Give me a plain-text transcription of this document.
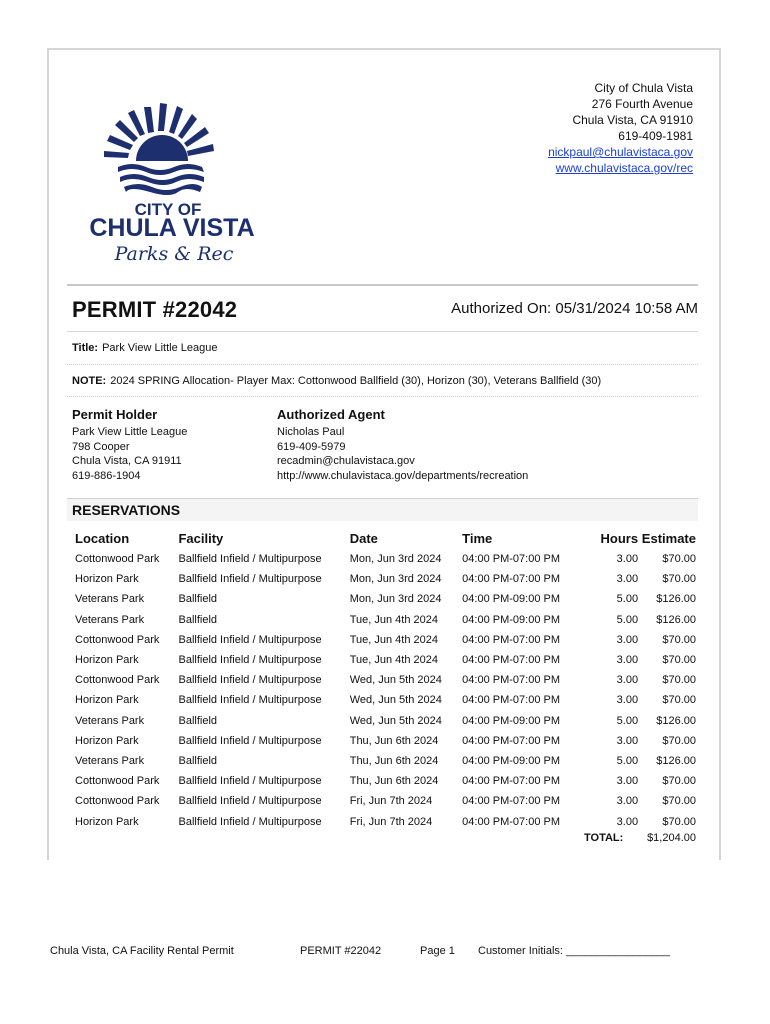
CITY OF
CHULA VISTA
Parks & Rec
City of Chula Vista
276 Fourth Avenue
Chula Vista, CA 91910
619-409-1981
nickpaul@chulavistaca.gov
www.chulavistaca.gov/rec
PERMIT #22042	Authorized On: 05/31/2024 10:58 AM
Title: Park View Little League
NOTE: 2024 SPRING Allocation- Player Max: Cottonwood Ballfield (30), Horizon (30), Veterans Ballfield (30)
Permit Holder
Park View Little League
798 Cooper
Chula Vista, CA 91911
619-886-1904
Authorized Agent
Nicholas Paul
619-409-5979
recadmin@chulavistaca.gov
http://www.chulavistaca.gov/departments/recreation
RESERVATIONS
Location	Facility	Date	Time	Hours	Estimate
Cottonwood Park	Ballfield Infield / Multipurpose	Mon, Jun 3rd 2024	04:00 PM-07:00 PM	3.00	$70.00
Horizon Park	Ballfield Infield / Multipurpose	Mon, Jun 3rd 2024	04:00 PM-07:00 PM	3.00	$70.00
Veterans Park	Ballfield	Mon, Jun 3rd 2024	04:00 PM-09:00 PM	5.00	$126.00
Veterans Park	Ballfield	Tue, Jun 4th 2024	04:00 PM-09:00 PM	5.00	$126.00
Cottonwood Park	Ballfield Infield / Multipurpose	Tue, Jun 4th 2024	04:00 PM-07:00 PM	3.00	$70.00
Horizon Park	Ballfield Infield / Multipurpose	Tue, Jun 4th 2024	04:00 PM-07:00 PM	3.00	$70.00
Cottonwood Park	Ballfield Infield / Multipurpose	Wed, Jun 5th 2024	04:00 PM-07:00 PM	3.00	$70.00
Horizon Park	Ballfield Infield / Multipurpose	Wed, Jun 5th 2024	04:00 PM-07:00 PM	3.00	$70.00
Veterans Park	Ballfield	Wed, Jun 5th 2024	04:00 PM-09:00 PM	5.00	$126.00
Horizon Park	Ballfield Infield / Multipurpose	Thu, Jun 6th 2024	04:00 PM-07:00 PM	3.00	$70.00
Veterans Park	Ballfield	Thu, Jun 6th 2024	04:00 PM-09:00 PM	5.00	$126.00
Cottonwood Park	Ballfield Infield / Multipurpose	Thu, Jun 6th 2024	04:00 PM-07:00 PM	3.00	$70.00
Cottonwood Park	Ballfield Infield / Multipurpose	Fri, Jun 7th 2024	04:00 PM-07:00 PM	3.00	$70.00
Horizon Park	Ballfield Infield / Multipurpose	Fri, Jun 7th 2024	04:00 PM-07:00 PM	3.00	$70.00
TOTAL: $1,204.00
Chula Vista, CA Facility Rental Permit	PERMIT #22042	Page 1 Customer Initials: _________________
